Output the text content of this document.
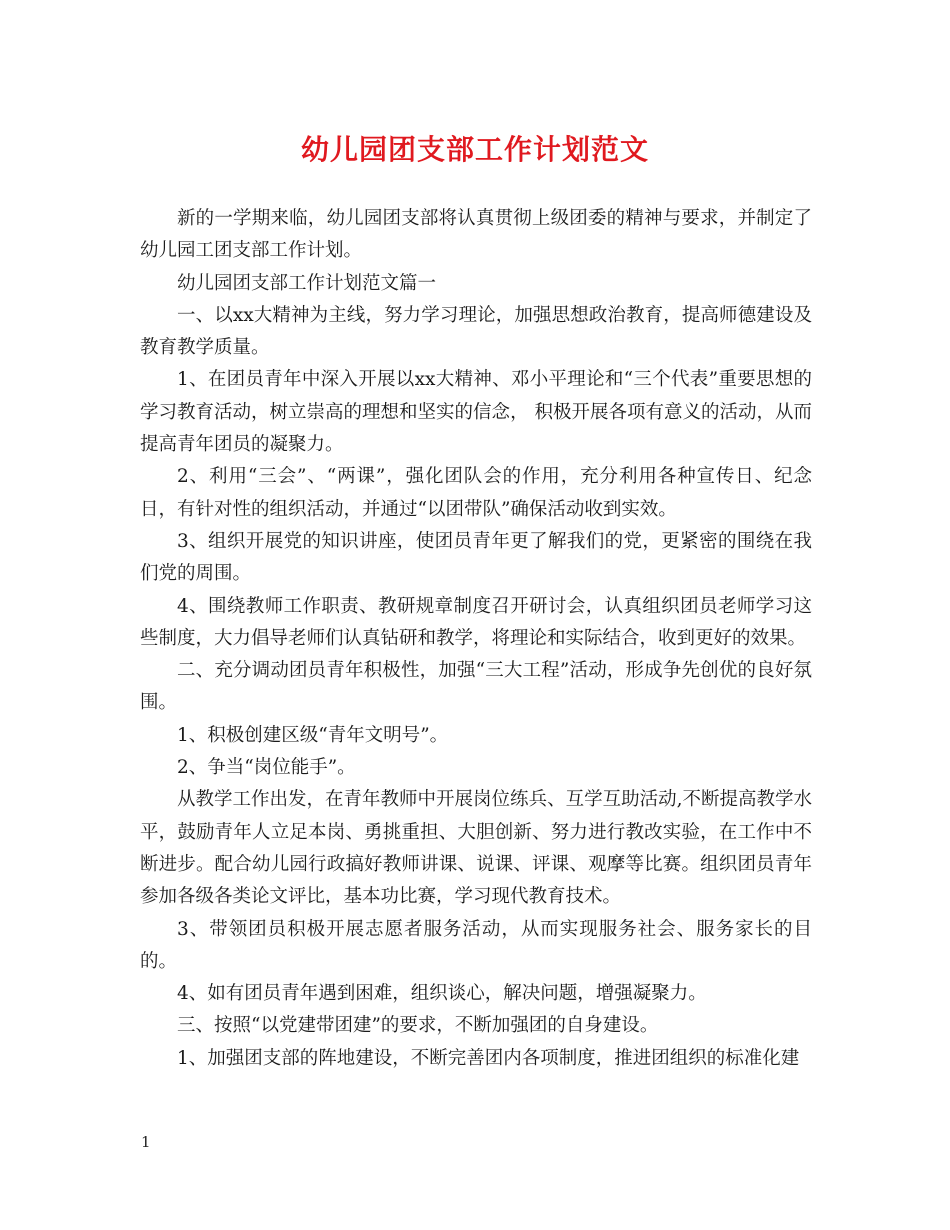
幼儿园团支部工作计划范文

新的一学期来临，幼儿园团支部将认真贯彻上级团委的精神与要求，并制定了幼儿园工团支部工作计划。

幼儿园团支部工作计划范文篇一

一、以xx大精神为主线，努力学习理论，加强思想政治教育，提高师德建设及教育教学质量。

1、在团员青年中深入开展以xx大精神、邓小平理论和“三个代表”重要思想的学习教育活动，树立崇高的理想和坚实的信念， 积极开展各项有意义的活动，从而提高青年团员的凝聚力。

2、利用“三会”、“两课”，强化团队会的作用，充分利用各种宣传日、纪念日，有针对性的组织活动，并通过“以团带队”确保活动收到实效。

3、组织开展党的知识讲座，使团员青年更了解我们的党，更紧密的围绕在我们党的周围。

4、围绕教师工作职责、教研规章制度召开研讨会，认真组织团员老师学习这些制度，大力倡导老师们认真钻研和教学，将理论和实际结合，收到更好的效果。

二、充分调动团员青年积极性，加强“三大工程”活动，形成争先创优的良好氛围。

1、积极创建区级“青年文明号”。

2、争当“岗位能手”。

从教学工作出发，在青年教师中开展岗位练兵、互学互助活动,不断提高教学水平，鼓励青年人立足本岗、勇挑重担、大胆创新、努力进行教改实验，在工作中不断进步。配合幼儿园行政搞好教师讲课、说课、评课、观摩等比赛。组织团员青年参加各级各类论文评比，基本功比赛，学习现代教育技术。

3、带领团员积极开展志愿者服务活动，从而实现服务社会、服务家长的目的。

4、如有团员青年遇到困难，组织谈心，解决问题，增强凝聚力。

三、按照“以党建带团建”的要求，不断加强团的自身建设。

1、加强团支部的阵地建设，不断完善团内各项制度，推进团组织的标准化建

1
